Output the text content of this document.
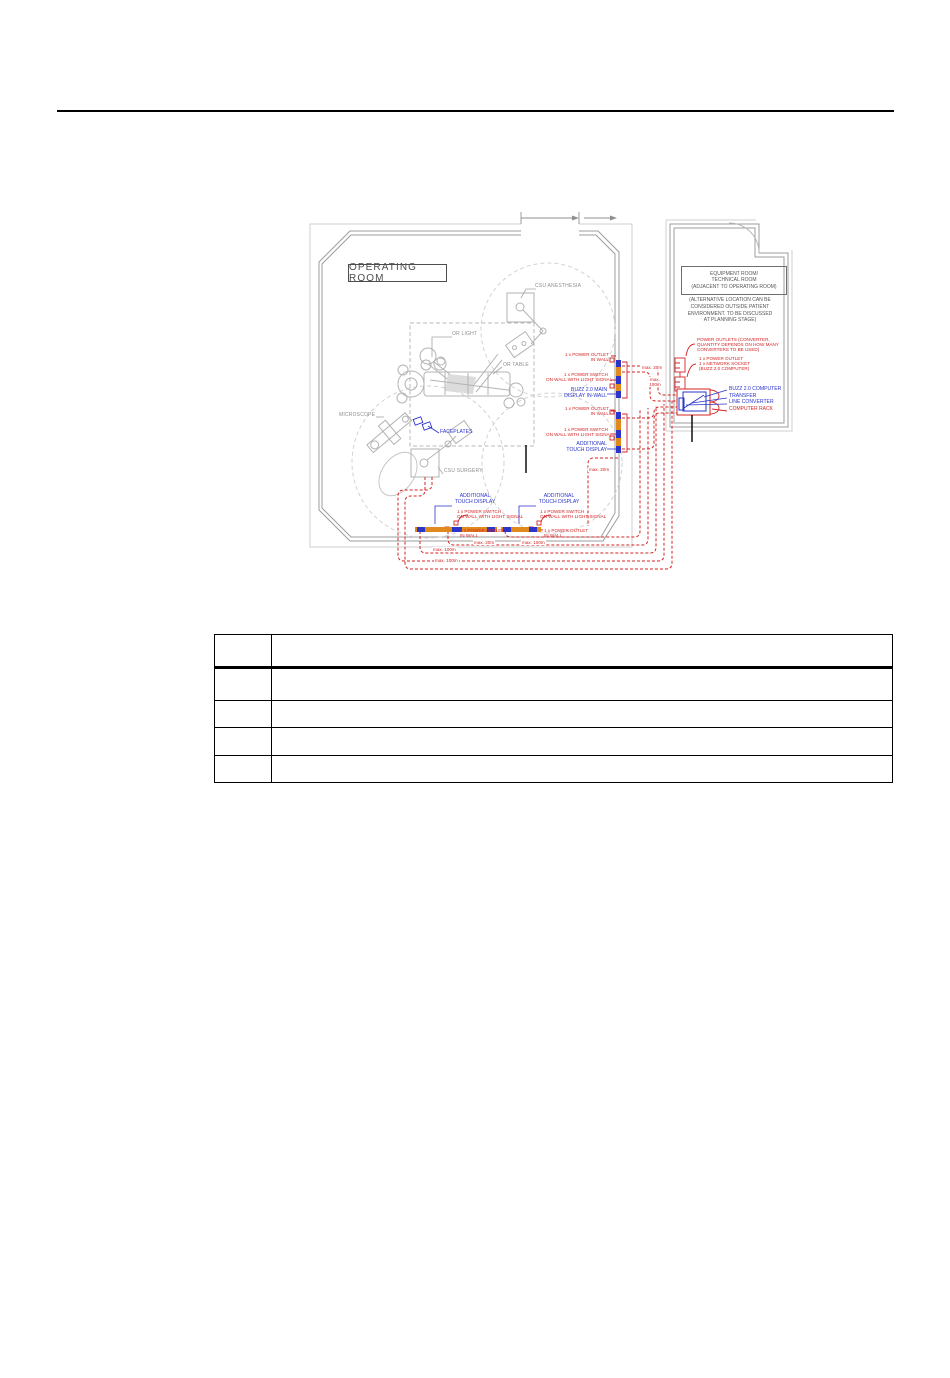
OPERATING ROOM
CSU ANESTHESIA
OR LIGHT
OR TABLE
MICROSCOPE
FACEPLATES
CSU SURGERY
1 x POWER OUTLET
IN WALL
1 x POWER SWITCH
ON WALL WITH LIGHT SIGNAL
BUZZ 2.0 MAIN
DISPLAY IN-WALL
1 x POWER OUTLET
IN WALL
1 x POWER SWITCH
ON WALL WITH LIGHT SIGNAL
ADDITIONAL
TOUCH DISPLAY
max. 20m
max.
100m
max. 20m
max. 20m	max. 100m
max. 100m
max. 100m
ADDITIONAL
TOUCH DISPLAY
ADDITIONAL
TOUCH DISPLAY
1 x POWER SWITCH
ON WALL WITH LIGHT SIGNAL
1 x POWER SWITCH
ON WALL WITH LIGHT SIGNAL
1 x POWER OUTLET
IN WALL
1 x POWER OUTLET
IN WALL
EQUIPMENT ROOM/
TECHNICAL ROOM
(ADJACENT TO OPERATING ROOM)
(ALTERNATIVE LOCATION CAN BE
CONSIDERED OUTSIDE PATIENT
ENVIRONMENT. TO BE DISCUSSED
AT PLANNING STAGE)
POWER OUTLETS (CONVERTER,
QUANTITY DEPENDS ON HOW MANY
CONVERTERS TO BE USED)
1 x POWER OUTLET
1 x NETWORK SOCKET
(BUZZ 2.0 COMPUTER)
BUZZ 2.0 COMPUTER
TRANSFER
LINE CONVERTER
COMPUTER RACK
